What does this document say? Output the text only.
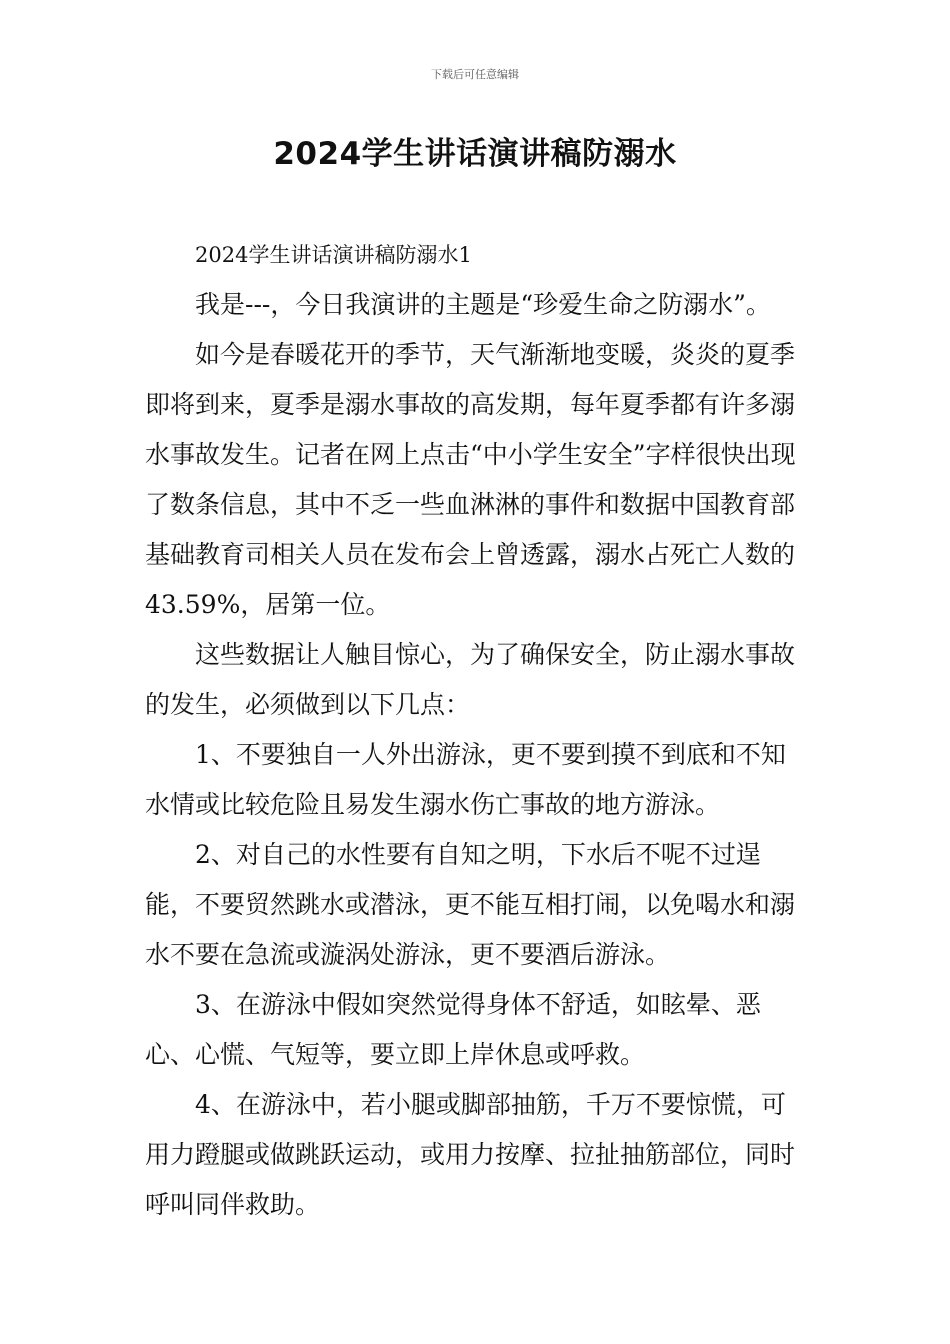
下载后可任意编辑
2024学生讲话演讲稿防溺水

2024学生讲话演讲稿防溺水1

我是---，今日我演讲的主题是“珍爱生命之防溺水”。

如今是春暖花开的季节，天气渐渐地变暖，炎炎的夏季即将到来，夏季是溺水事故的高发期，每年夏季都有许多溺水事故发生。记者在网上点击“中小学生安全”字样很快出现了数条信息，其中不乏一些血淋淋的事件和数据中国教育部基础教育司相关人员在发布会上曾透露，溺水占死亡人数的43.59%，居第一位。

这些数据让人触目惊心，为了确保安全，防止溺水事故的发生，必须做到以下几点：

1、不要独自一人外出游泳，更不要到摸不到底和不知水情或比较危险且易发生溺水伤亡事故的地方游泳。

2、对自己的水性要有自知之明，下水后不呢不过逞能，不要贸然跳水或潜泳，更不能互相打闹，以免喝水和溺水不要在急流或漩涡处游泳，更不要酒后游泳。

3、在游泳中假如突然觉得身体不舒适，如眩晕、恶心、心慌、气短等，要立即上岸休息或呼救。

4、在游泳中，若小腿或脚部抽筋，千万不要惊慌，可用力蹬腿或做跳跃运动，或用力按摩、拉扯抽筋部位，同时呼叫同伴救助。
